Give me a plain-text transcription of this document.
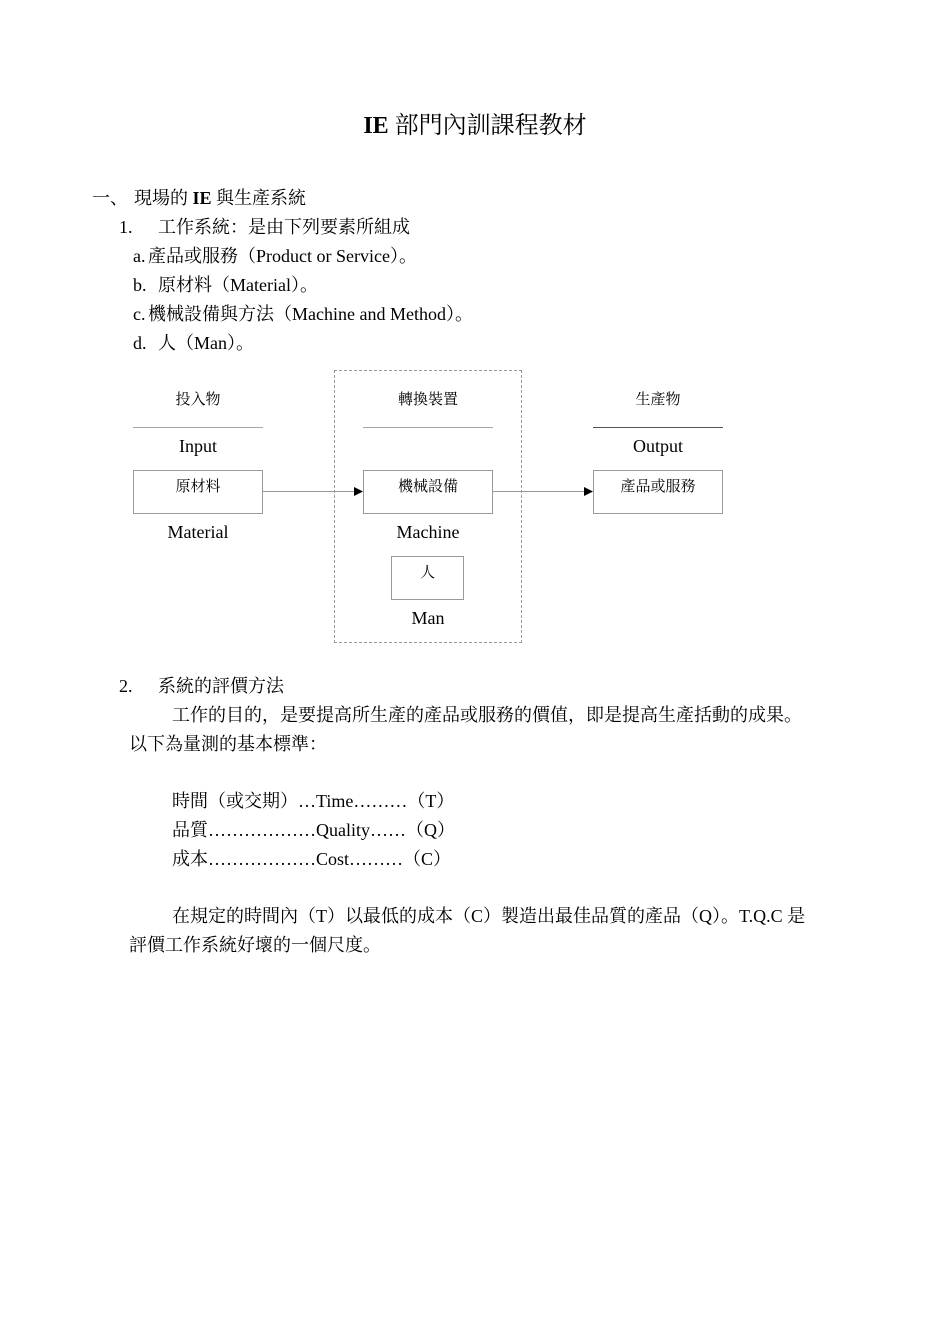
IE 部門內訓課程教材
一、 現場的 IE 與生產系統
1. 工作系統：是由下列要素所組成
a. 產品或服務（Product or Service）。
b. 原材料（Material）。
c. 機械設備與方法（Machine and Method）。
d. 人（Man）。
投入物
Input
原材料
Material
轉換裝置
機械設備
Machine
人
Man
生產物
Output
產品或服務
2. 系統的評價方法
工作的目的，是要提高所生產的產品或服務的價值，即是提高生產括動的成果。
以下為量測的基本標準：
時間（或交期）…Time………（T）
品質………………Quality……（Q）
成本………………Cost………（C）
在規定的時間內（T）以最低的成本（C）製造出最佳品質的產品（Q）。T.Q.C 是
評價工作系統好壞的一個尺度。
